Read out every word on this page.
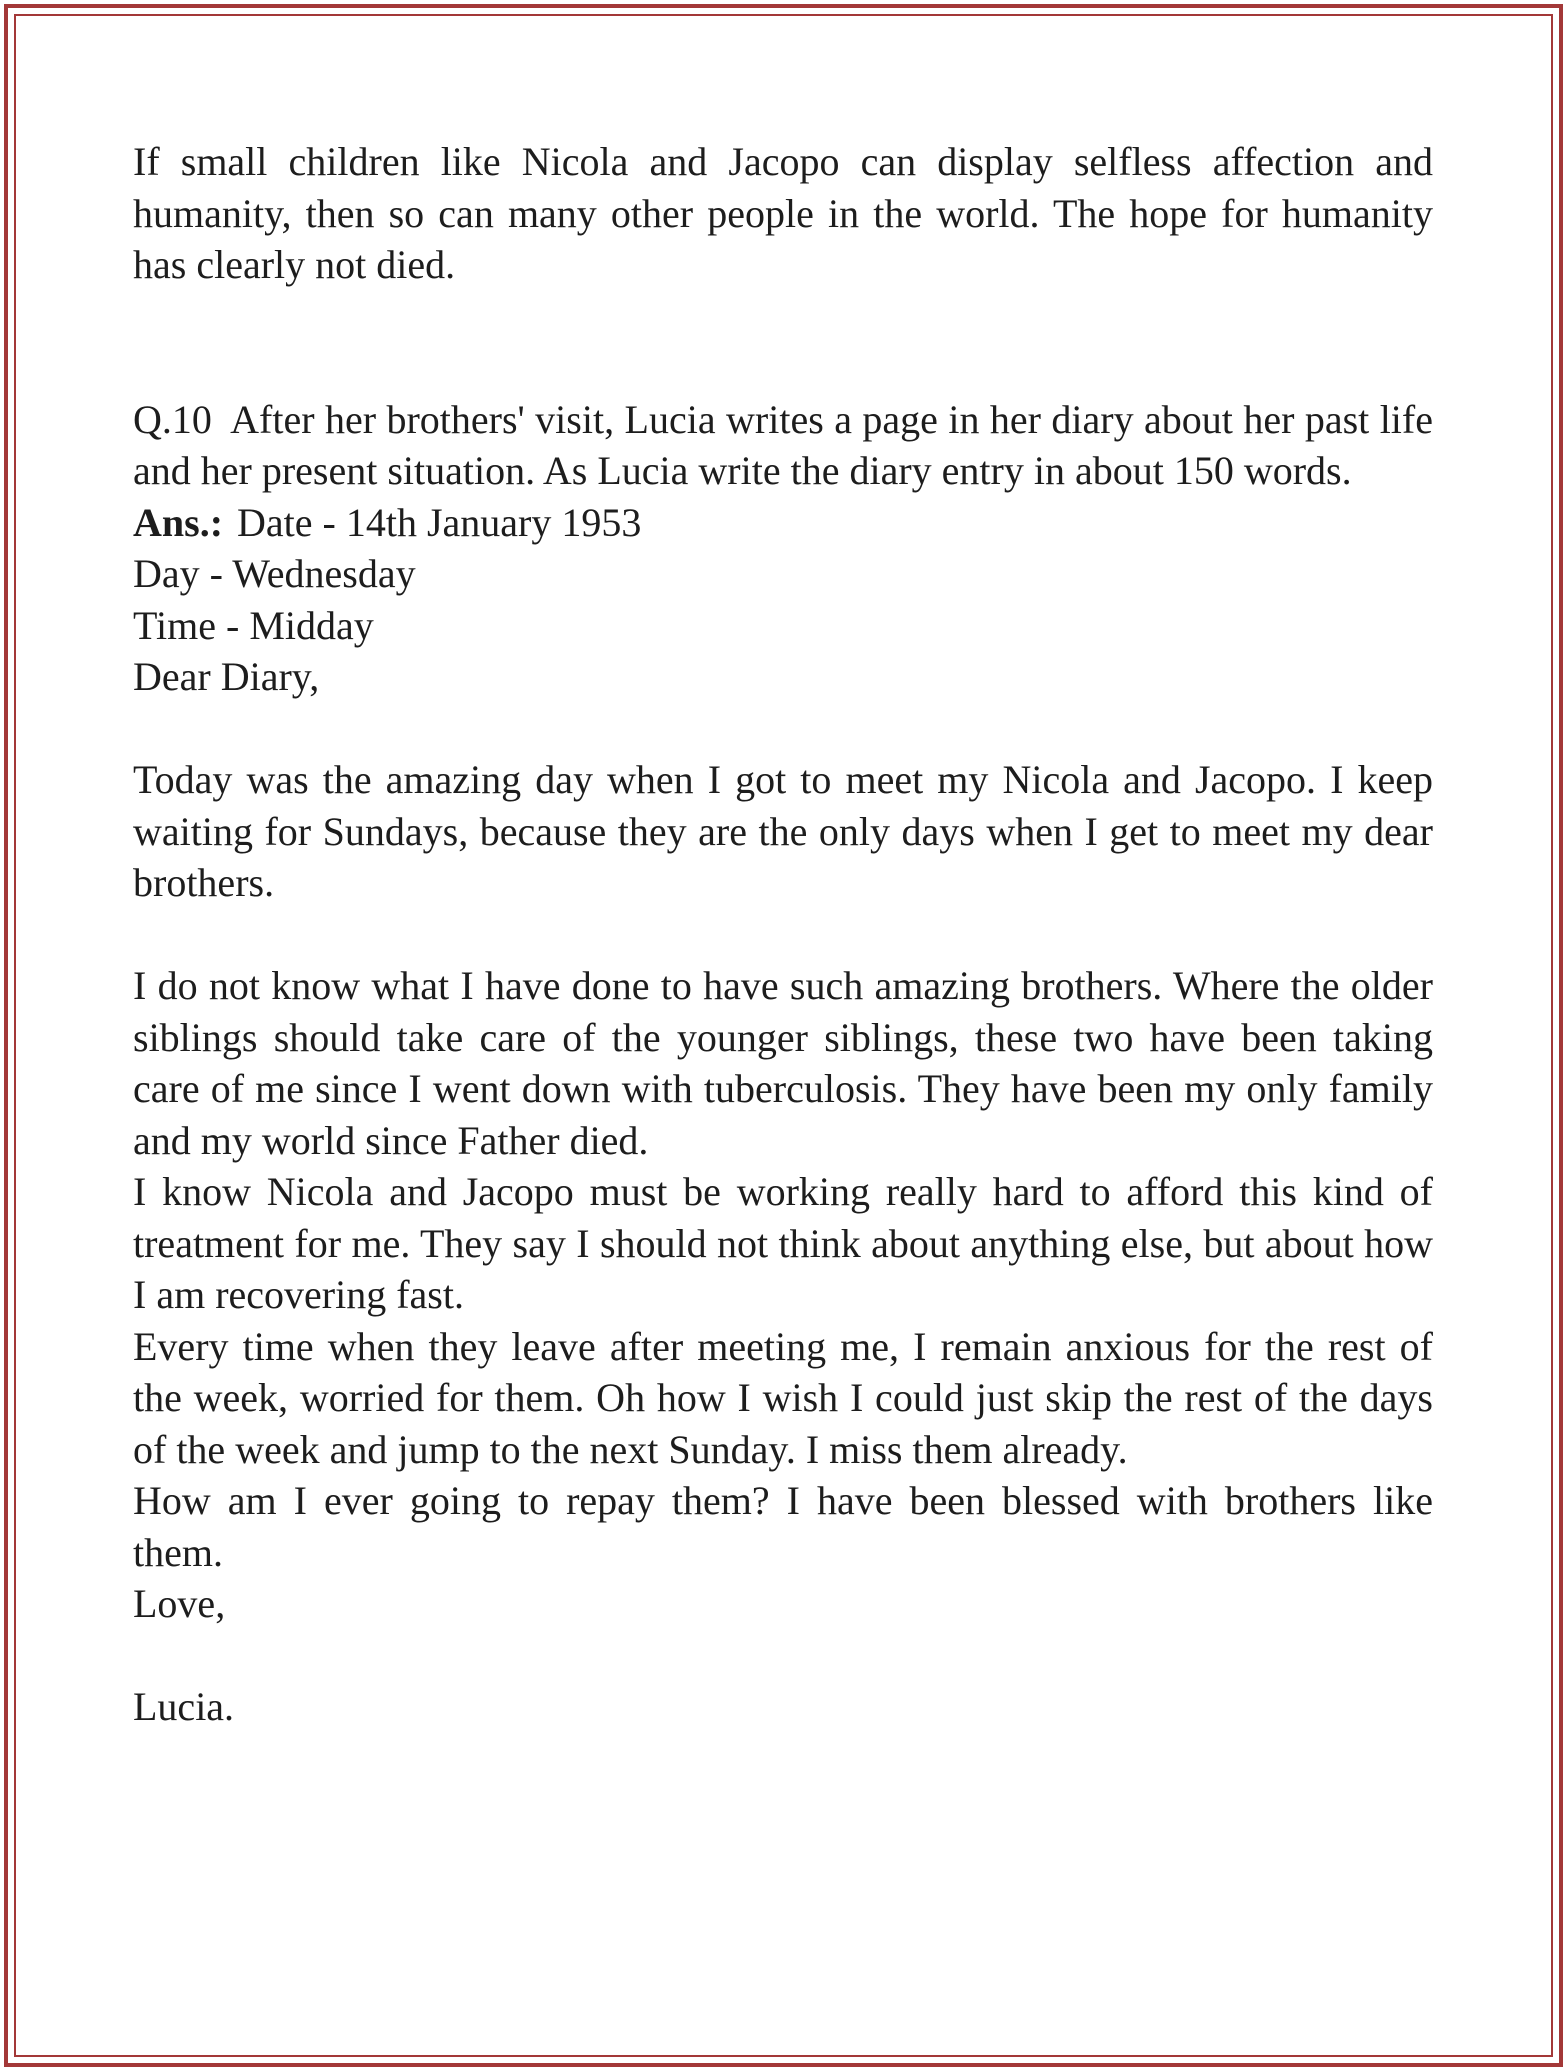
If small children like Nicola and Jacopo can display selfless affection and humanity, then so can many other people in the world. The hope for humanity has clearly not died.

Q.10 After her brothers' visit, Lucia writes a page in her diary about her past life and her present situation. As Lucia write the diary entry in about 150 words.

Ans.: Date - 14th January 1953

Day - Wednesday

Time - Midday

Dear Diary,

Today was the amazing day when I got to meet my Nicola and Jacopo. I keep waiting for Sundays, because they are the only days when I get to meet my dear brothers.

I do not know what I have done to have such amazing brothers. Where the older siblings should take care of the younger siblings, these two have been taking care of me since I went down with tuberculosis. They have been my only family and my world since Father died.

I know Nicola and Jacopo must be working really hard to afford this kind of treatment for me. They say I should not think about anything else, but about how I am recovering fast.

Every time when they leave after meeting me, I remain anxious for the rest of the week, worried for them. Oh how I wish I could just skip the rest of the days of the week and jump to the next Sunday. I miss them already.

How am I ever going to repay them? I have been blessed with brothers like them.

Love,

Lucia.
